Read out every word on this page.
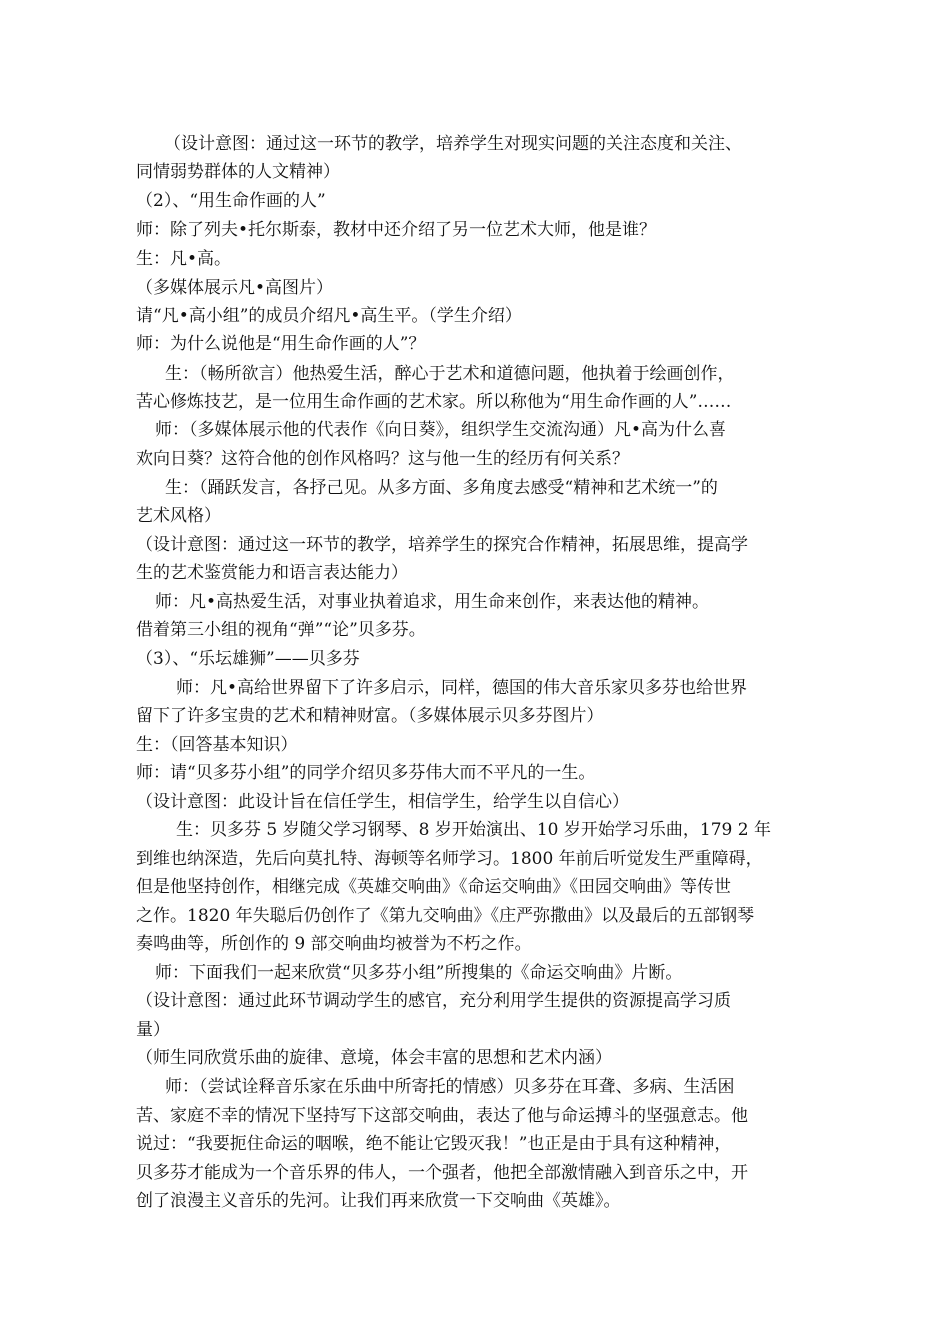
（设计意图：通过这一环节的教学，培养学生对现实问题的关注态度和关注、
同情弱势群体的人文精神）
（2）、“用生命作画的人”
师：除了列夫•托尔斯泰，教材中还介绍了另一位艺术大师，他是谁？
生：凡•高。
（多媒体展示凡•高图片）
请“凡•高小组”的成员介绍凡•高生平。（学生介绍）
师：为什么说他是“用生命作画的人”？
生：（畅所欲言）他热爱生活，醉心于艺术和道德问题，他执着于绘画创作，
苦心修炼技艺，是一位用生命作画的艺术家。所以称他为“用生命作画的人”……
师：（多媒体展示他的代表作《向日葵》，组织学生交流沟通）凡•高为什么喜
欢向日葵？这符合他的创作风格吗？这与他一生的经历有何关系？
生：（踊跃发言，各抒己见。从多方面、多角度去感受“精神和艺术统一”的
艺术风格）
（设计意图：通过这一环节的教学，培养学生的探究合作精神，拓展思维，提高学
生的艺术鉴赏能力和语言表达能力）
师：凡•高热爱生活，对事业执着追求，用生命来创作，来表达他的精神。
借着第三小组的视角“弹”“论”贝多芬。
（3）、“乐坛雄狮”——贝多芬
师：凡•高给世界留下了许多启示，同样，德国的伟大音乐家贝多芬也给世界
留下了许多宝贵的艺术和精神财富。（多媒体展示贝多芬图片）
生：（回答基本知识）
师：请“贝多芬小组”的同学介绍贝多芬伟大而不平凡的一生。
（设计意图：此设计旨在信任学生，相信学生，给学生以自信心）
生：贝多芬 5 岁随父学习钢琴、8 岁开始演出、10 岁开始学习乐曲，179 2 年
到维也纳深造，先后向莫扎特、海顿等名师学习。1800 年前后听觉发生严重障碍，
但是他坚持创作，相继完成《英雄交响曲》《命运交响曲》《田园交响曲》等传世
之作。1820 年失聪后仍创作了《第九交响曲》《庄严弥撒曲》以及最后的五部钢琴
奏鸣曲等，所创作的 9 部交响曲均被誉为不朽之作。
师：下面我们一起来欣赏“贝多芬小组”所搜集的《命运交响曲》片断。
（设计意图：通过此环节调动学生的感官，充分利用学生提供的资源提高学习质
量）
（师生同欣赏乐曲的旋律、意境，体会丰富的思想和艺术内涵）
师：（尝试诠释音乐家在乐曲中所寄托的情感）贝多芬在耳聋、多病、生活困
苦、家庭不幸的情况下坚持写下这部交响曲，表达了他与命运搏斗的坚强意志。他
说过：“我要扼住命运的咽喉，绝不能让它毁灭我！”也正是由于具有这种精神，
贝多芬才能成为一个音乐界的伟人，一个强者，他把全部激情融入到音乐之中，开
创了浪漫主义音乐的先河。让我们再来欣赏一下交响曲《英雄》。
